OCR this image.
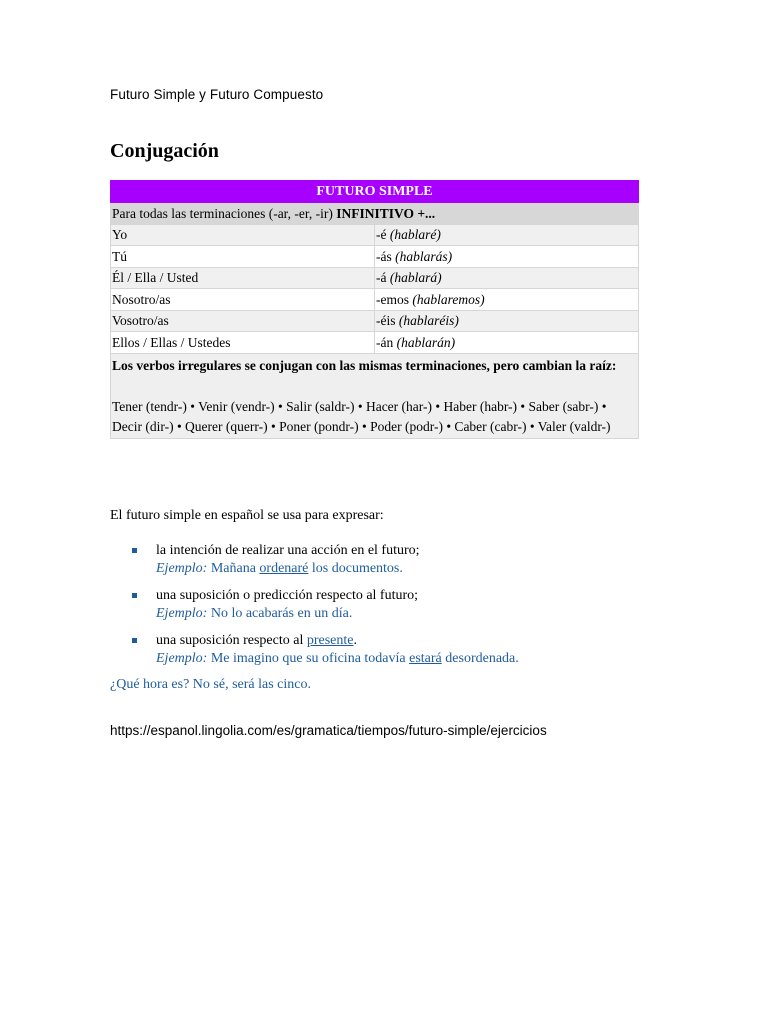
Futuro Simple y Futuro Compuesto
Conjugación
FUTURO SIMPLE	
Para todas las terminaciones (-ar, -er, -ir) INFINITIVO +...	
Yo	-é (hablaré)
Tú	-ás (hablarás)
Él / Ella / Usted	-á (hablará)
Nosotro/as	-emos (hablaremos)
Vosotro/as	-éis (hablaréis)
Ellos / Ellas / Ustedes	-án (hablarán)

Los verbos irregulares se conjugan con las mismas terminaciones, pero cambian la raíz:
Tener (tendr-) • Venir (vendr-) • Salir (saldr-) • Hacer (har-) • Haber (habr-) • Saber (sabr-) • Decir (dir-) • Querer (querr-) • Poner (pondr-) • Poder (podr-) • Caber (cabr-) • Valer (valdr-)	
El futuro simple en español se usa para expresar:
la intención de realizar una acción en el futuro;
Ejemplo: Mañana ordenaré los documentos.
una suposición o predicción respecto al futuro;
Ejemplo: No lo acabarás en un día.
una suposición respecto al presente.
Ejemplo: Me imagino que su oficina todavía estará desordenada.
¿Qué hora es? No sé, será las cinco.
https://espanol.lingolia.com/es/gramatica/tiempos/futuro-simple/ejercicios
